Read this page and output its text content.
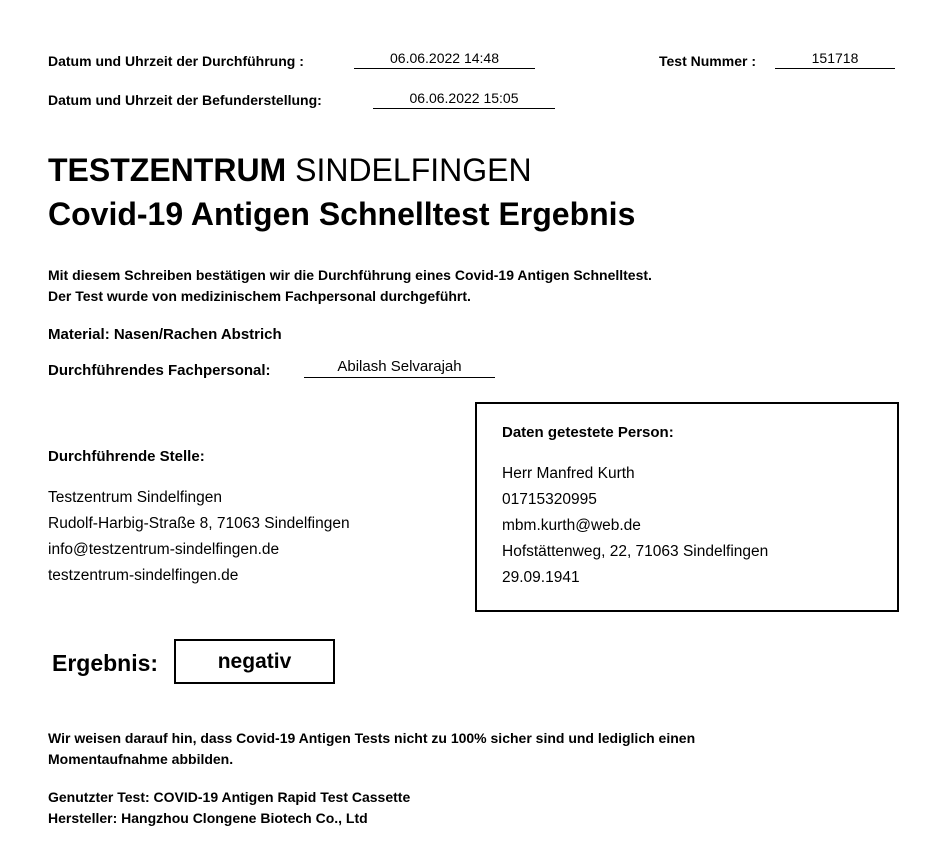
Datum und Uhrzeit der Durchführung :	06.06.2022 14:48	Test Nummer :	151718
Datum und Uhrzeit der Befunderstellung:	06.06.2022 15:05
TESTZENTRUM SINDELFINGEN
Covid-19 Antigen Schnelltest Ergebnis
Mit diesem Schreiben bestätigen wir die Durchführung eines Covid-19 Antigen Schnelltest.
Der Test wurde von medizinischem Fachpersonal durchgeführt.
Material: Nasen/Rachen Abstrich
Durchführendes Fachpersonal:	Abilash Selvarajah
Durchführende Stelle:
Testzentrum Sindelfingen
Rudolf-Harbig-Straße 8, 71063 Sindelfingen
info@testzentrum-sindelfingen.de
testzentrum-sindelfingen.de
Daten getestete Person:
Herr Manfred Kurth
01715320995
mbm.kurth@web.de
Hofstättenweg, 22, 71063 Sindelfingen
29.09.1941
Ergebnis:	negativ
Wir weisen darauf hin, dass Covid-19 Antigen Tests nicht zu 100% sicher sind und lediglich einen
Momentaufnahme abbilden.
Genutzter Test: COVID-19 Antigen Rapid Test Cassette
Hersteller: Hangzhou Clongene Biotech Co., Ltd
